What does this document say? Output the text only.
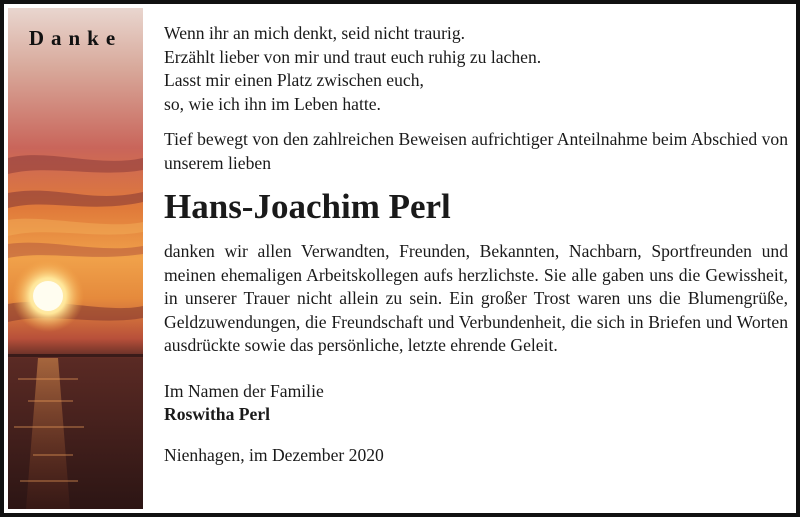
Danke	Wenn ihr an mich denkt, seid nicht traurig.
Erzählt lieber von mir und traut euch ruhig zu lachen.
Lasst mir einen Platz zwischen euch,
so, wie ich ihn im Leben hatte.

Tief bewegt von den zahlreichen Beweisen aufrichtiger Anteilnahme beim Abschied von unserem lieben

Hans-Joachim Perl

danken wir allen Verwandten, Freunden, Bekannten, Nachbarn, Sportfreunden und meinen ehemaligen Arbeitskollegen aufs herzlichste. Sie alle gaben uns die Gewissheit, in unserer Trauer nicht allein zu sein. Ein großer Trost waren uns die Blumengrüße, Geldzuwendungen, die Freundschaft und Verbundenheit, die sich in Briefen und Worten ausdrückte sowie das persönliche, letzte ehrende Geleit.

Im Namen der Familie

Roswitha Perl

Nienhagen, im Dezember 2020
